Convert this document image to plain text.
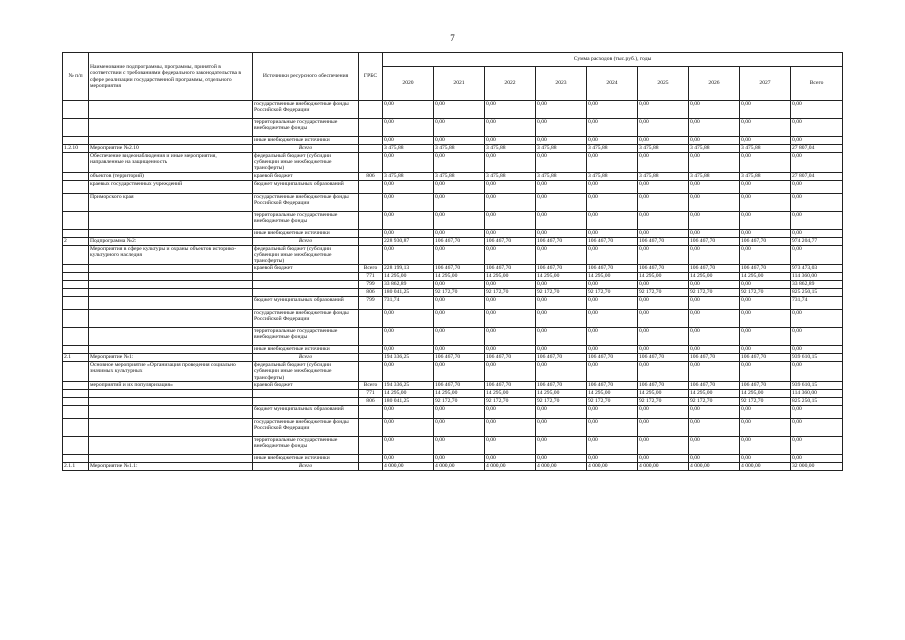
7
№ п/п	Наименование подпрограммы, программы, принятой в соответствии с требованиями федерального законодательства в сфере реализации государственной программы, отдельного мероприятия	Источники ресурсного обеспечения	ГРБС	Сумма расходов (тыс.руб.), годы								
				2020	2021	2022	2023	2024	2025	2026	2027	Всего
		государственные внебюджетные фонды Российской Федерации		0,00	0,00	0,00	0,00	0,00	0,00	0,00	0,00	0,00
		территориальные государственные внебюджетные фонды		0,00	0,00	0,00	0,00	0,00	0,00	0,00	0,00	0,00
		иные внебюджетные источники		0,00	0,00	0,00	0,00	0,00	0,00	0,00	0,00	0,00
1.2.10	Мероприятие №2.10	Всего		3 475,88	3 475,88	3 475,88	3 475,88	3 475,88	3 475,88	3 475,88	3 475,88	27 807,04
	Обеспечение видеонаблюдения и иные мероприятия, направленные на защищенность	федеральный бюджет (субсидии субвенции иные межбюджетные трансферты)		0,00	0,00	0,00	0,00	0,00	0,00	0,00	0,00	0,00
	объектов (территорий)	краевой бюджет	806	3 475,88	3 475,88	3 475,88	3 475,88	3 475,88	3 475,88	3 475,88	3 475,88	27 807,04
	краевых государственных учреждений	бюджет муниципальных образований		0,00	0,00	0,00	0,00	0,00	0,00	0,00	0,00	0,00
	Приморского края	государственные внебюджетные фонды Российской Федерации		0,00	0,00	0,00	0,00	0,00	0,00	0,00	0,00	0,00
		территориальные государственные внебюджетные фонды		0,00	0,00	0,00	0,00	0,00	0,00	0,00	0,00	0,00
		иные внебюджетные источники		0,00	0,00	0,00	0,00	0,00	0,00	0,00	0,00	0,00
2	Подпрограмма №2:	Всего		228 930,87	106 467,70	106 467,70	106 467,70	106 467,70	106 467,70	106 467,70	106 467,70	974 204,77
	Мероприятия в сфере культуры и охраны объектов историко-культурного наследия	федеральный бюджет (субсидии субвенции иные межбюджетные трансферты)		0,00	0,00	0,00	0,00	0,00	0,00	0,00	0,00	0,00
		краевой бюджет	Всего	228 199,13	106 467,70	106 467,70	106 467,70	106 467,70	106 467,70	106 467,70	106 467,70	973 473,03
			771	14 295,00	14 295,00	14 295,00	14 295,00	14 295,00	14 295,00	14 295,00	14 295,00	114 360,00
			799	33 862,89	0,00	0,00	0,00	0,00	0,00	0,00	0,00	33 862,89
			806	180 041,25	92 172,70	92 172,70	92 172,70	92 172,70	92 172,70	92 172,70	92 172,70	825 250,15
		бюджет муниципальных образований	799	731,74	0,00	0,00	0,00	0,00	0,00	0,00	0,00	731,74
		государственные внебюджетные фонды Российской Федерации		0,00	0,00	0,00	0,00	0,00	0,00	0,00	0,00	0,00
		территориальные государственные внебюджетные фонды		0,00	0,00	0,00	0,00	0,00	0,00	0,00	0,00	0,00
		иные внебюджетные источники		0,00	0,00	0,00	0,00	0,00	0,00	0,00	0,00	0,00
2.1	Мероприятие №1:	Всего		194 336,25	106 467,70	106 467,70	106 467,70	106 467,70	106 467,70	106 467,70	106 467,70	939 610,15
	Основное мероприятие «Организация проведения социально значимых культурных	федеральный бюджет (субсидии субвенции иные межбюджетные трансферты)		0,00	0,00	0,00	0,00	0,00	0,00	0,00	0,00	0,00
	мероприятий и их популяризация»	краевой бюджет	Всего	194 336,25	106 467,70	106 467,70	106 467,70	106 467,70	106 467,70	106 467,70	106 467,70	939 610,15
			771	14 295,00	14 295,00	14 295,00	14 295,00	14 295,00	14 295,00	14 295,00	14 295,00	114 360,00
			806	180 041,25	92 172,70	92 172,70	92 172,70	92 172,70	92 172,70	92 172,70	92 172,70	825 250,15
		бюджет муниципальных образований		0,00	0,00	0,00	0,00	0,00	0,00	0,00	0,00	0,00
		государственные внебюджетные фонды Российской Федерации		0,00	0,00	0,00	0,00	0,00	0,00	0,00	0,00	0,00
		территориальные государственные внебюджетные фонды		0,00	0,00	0,00	0,00	0,00	0,00	0,00	0,00	0,00
		иные внебюджетные источники		0,00	0,00	0,00	0,00	0,00	0,00	0,00	0,00	0,00
2.1.1	Мероприятие №1.1:	Всего		4 000,00	4 000,00	4 000,00	4 000,00	4 000,00	4 000,00	4 000,00	4 000,00	32 000,00
